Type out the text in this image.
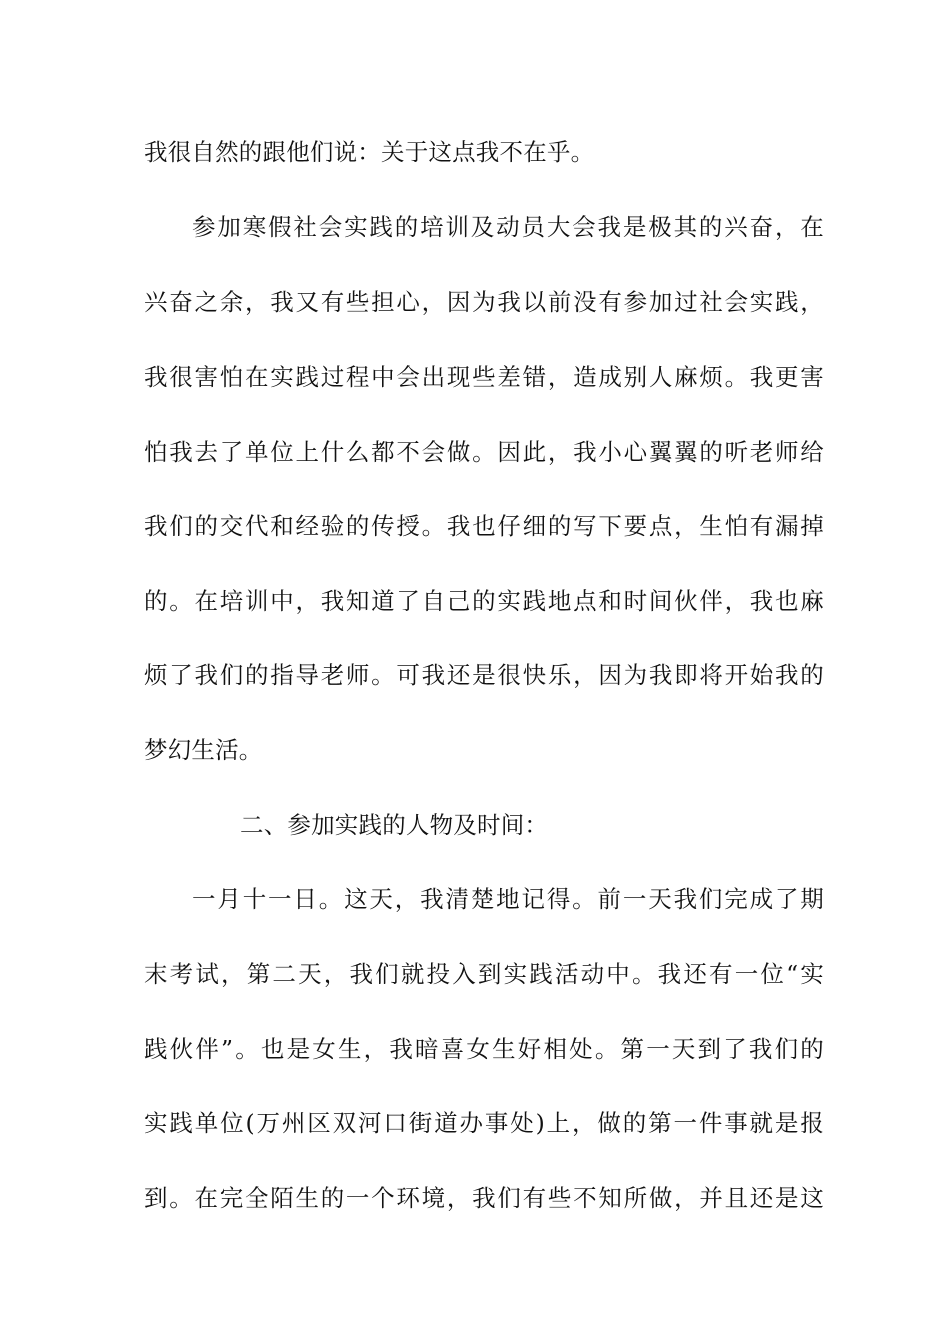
我很自然的跟他们说：关于这点我不在乎。
参加寒假社会实践的培训及动员大会我是极其的兴奋，在
兴奋之余，我又有些担心，因为我以前没有参加过社会实践，
我很害怕在实践过程中会出现些差错，造成别人麻烦。我更害
怕我去了单位上什么都不会做。因此，我小心翼翼的听老师给
我们的交代和经验的传授。我也仔细的写下要点，生怕有漏掉
的。在培训中，我知道了自己的实践地点和时间伙伴，我也麻
烦了我们的指导老师。可我还是很快乐，因为我即将开始我的
梦幻生活。
二、参加实践的人物及时间：
一月十一日。这天，我清楚地记得。前一天我们完成了期
末考试，第二天，我们就投入到实践活动中。我还有一位“实
践伙伴”。也是女生，我暗喜女生好相处。第一天到了我们的
实践单位(万州区双河口街道办事处)上，做的第一件事就是报
到。在完全陌生的一个环境，我们有些不知所做，并且还是这
